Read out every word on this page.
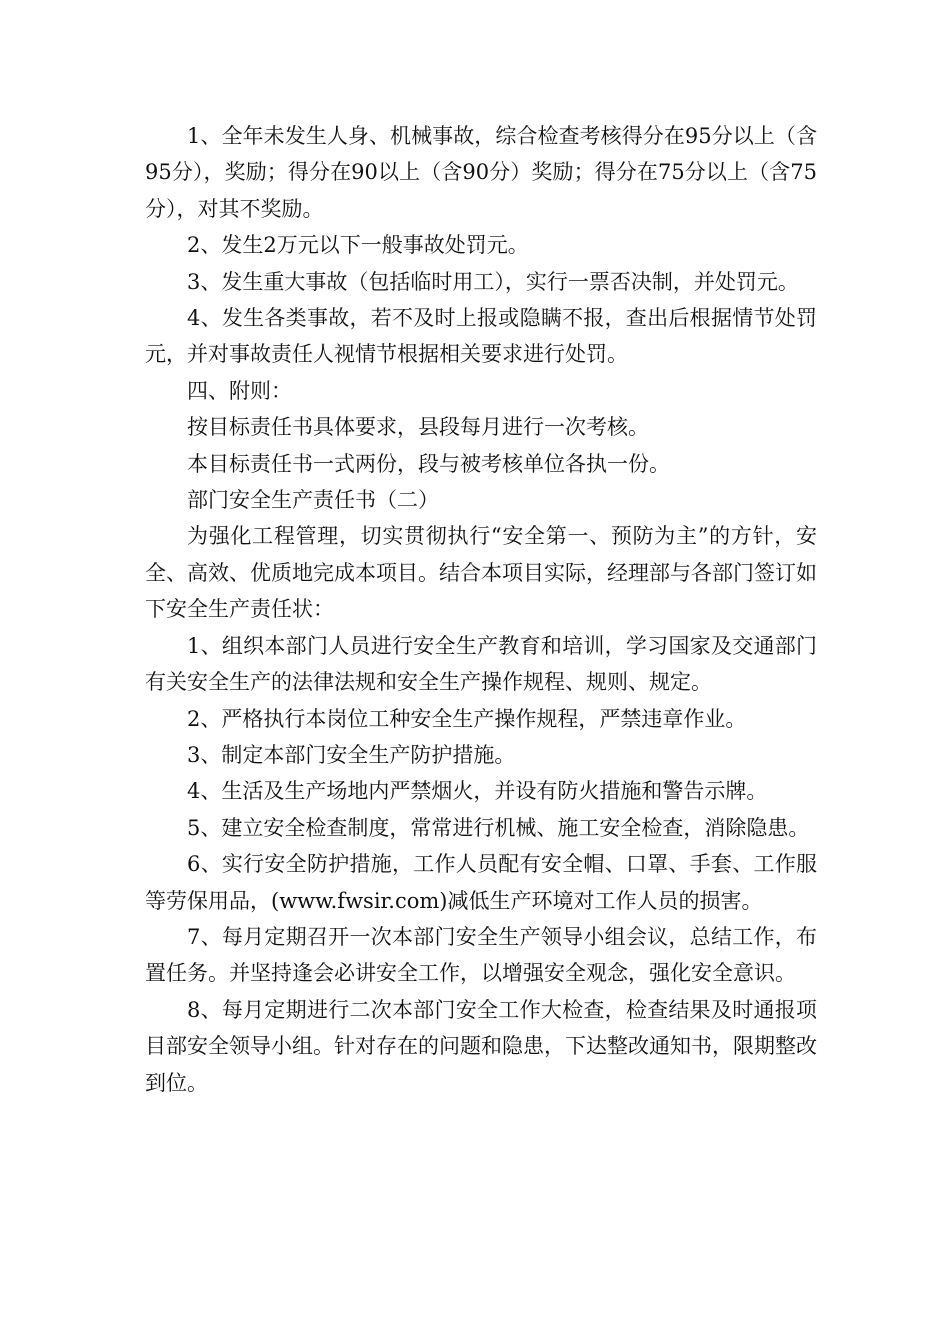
1、全年未发生人身、机械事故，综合检查考核得分在95分以上（含95分），奖励；得分在90以上（含90分）奖励；得分在75分以上（含75分），对其不奖励。

2、发生2万元以下一般事故处罚元。

3、发生重大事故（包括临时用工），实行一票否决制，并处罚元。

4、发生各类事故，若不及时上报或隐瞒不报，查出后根据情节处罚元，并对事故责任人视情节根据相关要求进行处罚。

四、附则：

按目标责任书具体要求，县段每月进行一次考核。

本目标责任书一式两份，段与被考核单位各执一份。

部门安全生产责任书（二）

为强化工程管理，切实贯彻执行“安全第一、预防为主”的方针，安全、高效、优质地完成本项目。结合本项目实际，经理部与各部门签订如下安全生产责任状：

1、组织本部门人员进行安全生产教育和培训，学习国家及交通部门有关安全生产的法律法规和安全生产操作规程、规则、规定。

2、严格执行本岗位工种安全生产操作规程，严禁违章作业。

3、制定本部门安全生产防护措施。

4、生活及生产场地内严禁烟火，并设有防火措施和警告示牌。

5、建立安全检查制度，常常进行机械、施工安全检查，消除隐患。

6、实行安全防护措施，工作人员配有安全帽、口罩、手套、工作服等劳保用品，(www.fwsir.com)减低生产环境对工作人员的损害。

7、每月定期召开一次本部门安全生产领导小组会议，总结工作，布置任务。并坚持逢会必讲安全工作，以增强安全观念，强化安全意识。

8、每月定期进行二次本部门安全工作大检查，检查结果及时通报项目部安全领导小组。针对存在的问题和隐患，下达整改通知书，限期整改到位。
